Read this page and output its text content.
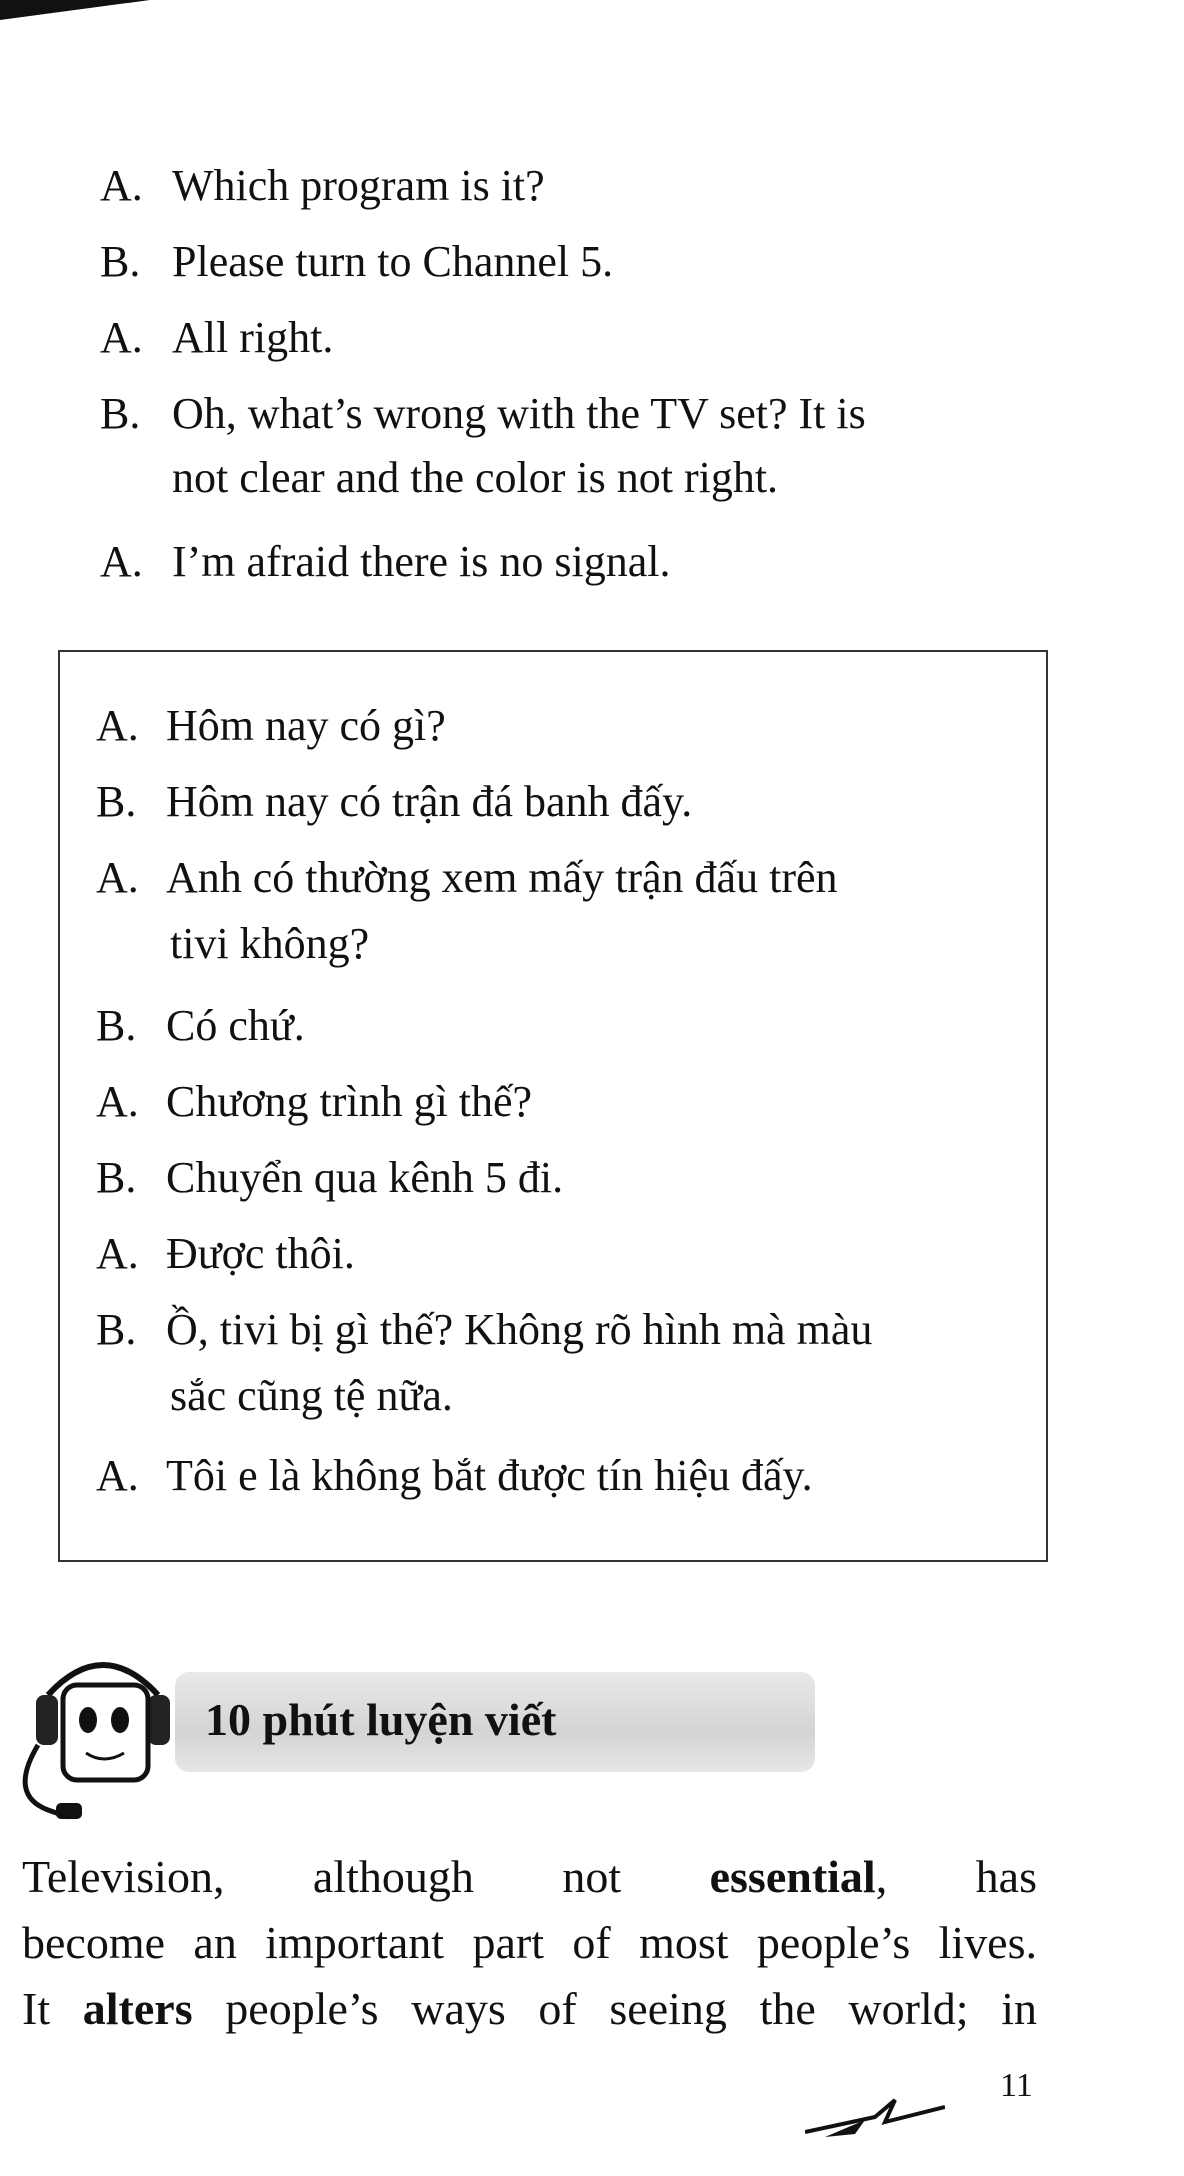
A. Which program is it?
B. Please turn to Channel 5.
A. All right.
B. Oh, what’s wrong with the TV set? It is
not clear and the color is not right.
A. I’m afraid there is no signal.
A. Hôm nay có gì?
B. Hôm nay có trận đá banh đấy.
A. Anh có thường xem mấy trận đấu trên
tivi không?
B. Có chứ.
A. Chương trình gì thế?
B. Chuyển qua kênh 5 đi.
A. Được thôi.
B. Ồ, tivi bị gì thế? Không rõ hình mà màu
sắc cũng tệ nữa.
A. Tôi e là không bắt được tín hiệu đấy.
10 phút luyện viết
Television, although not essential, has
become an important part of most people’s lives.
It alters people’s ways of seeing the world; in
11
